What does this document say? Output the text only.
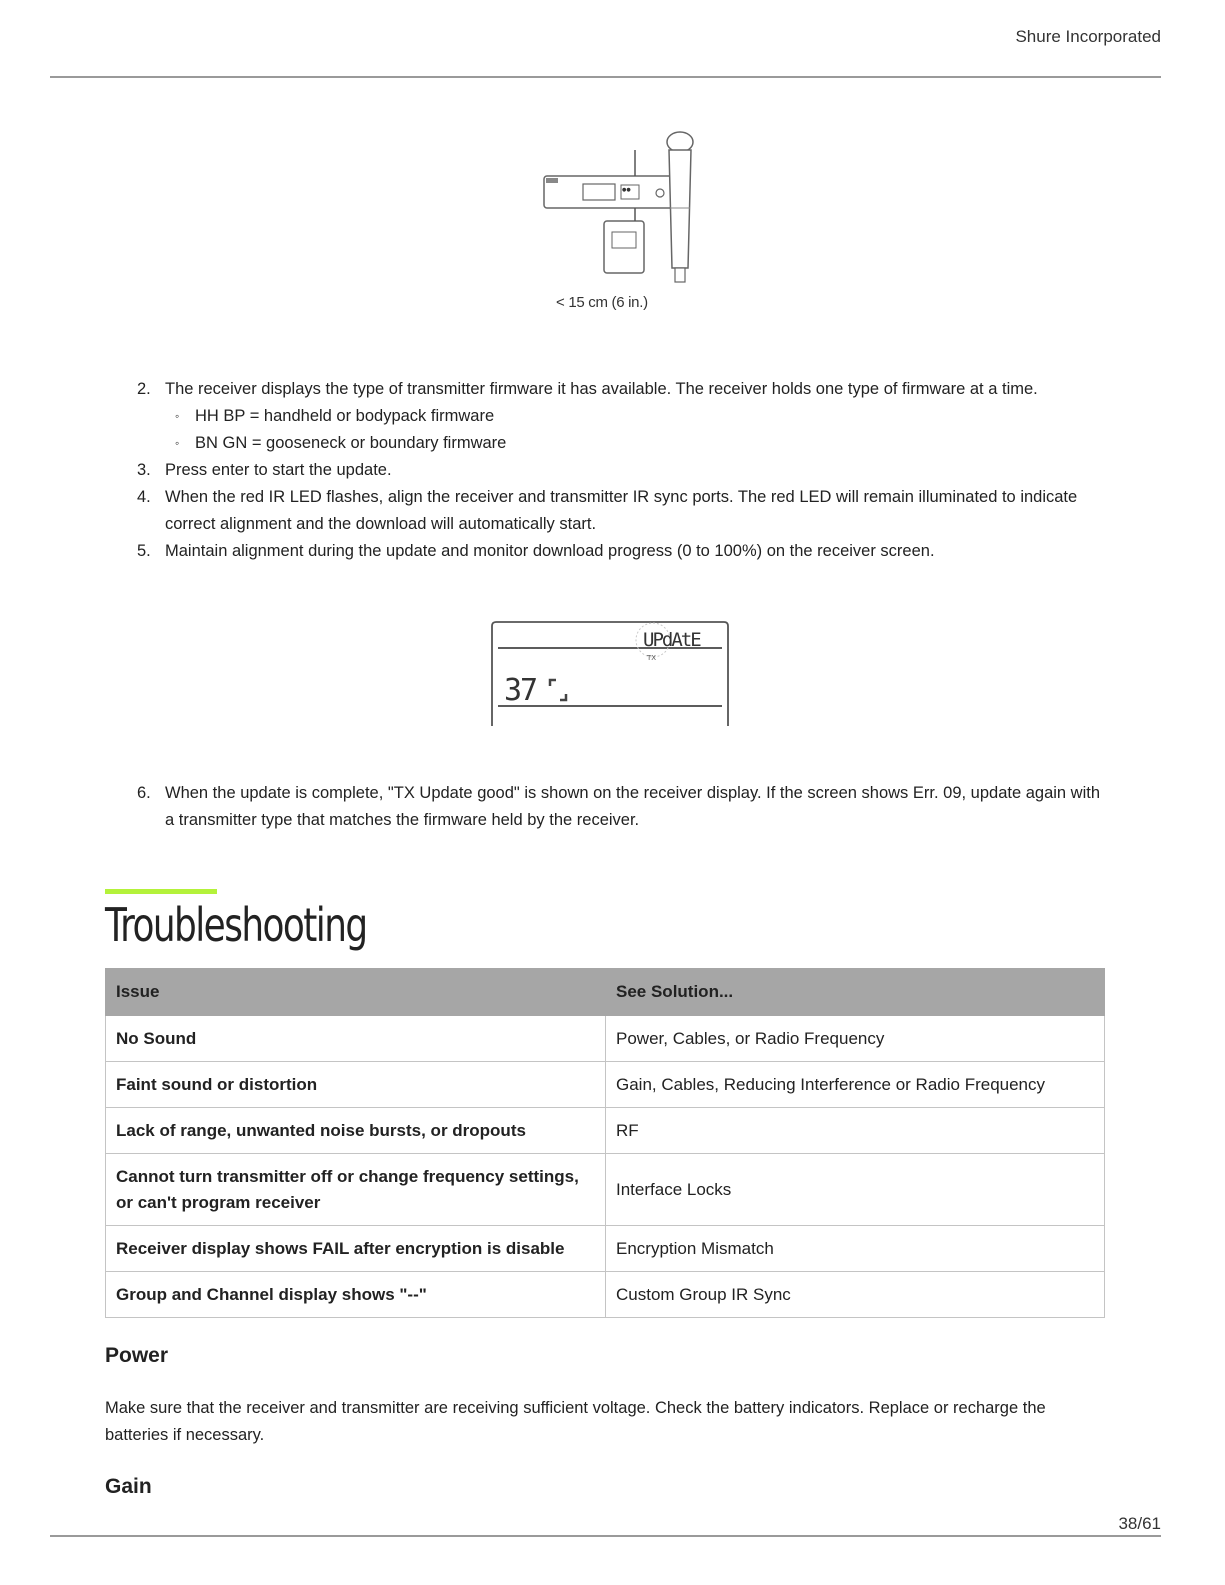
Shure Incorporated
●●
< 15 cm (6 in.)
2. The receiver displays the type of transmitter firmware it has available. The receiver holds one type of firmware at a time.
◦ HH BP = handheld or bodypack firmware
◦ BN GN = gooseneck or boundary firmware
3. Press enter to start the update.
4. When the red IR LED flashes, align the receiver and transmitter IR sync ports. The red LED will remain illuminated to indicate correct alignment and the download will automatically start.
5. Maintain alignment during the update and monitor download progress (0 to 100%) on the receiver screen.
UPdAtE
TX
37
6. When the update is complete, "TX Update good" is shown on the receiver display. If the screen shows Err. 09, update again with a transmitter type that matches the firmware held by the receiver.
Troubleshooting
Issue	See Solution...
No Sound	Power, Cables, or Radio Frequency
Faint sound or distortion	Gain, Cables, Reducing Interference or Radio Frequency
Lack of range, unwanted noise bursts, or dropouts	RF
Cannot turn transmitter off or change frequency settings, or can't program receiver	Interface Locks
Receiver display shows FAIL after encryption is disable	Encryption Mismatch
Group and Channel display shows "--"	Custom Group IR Sync
Power

Make sure that the receiver and transmitter are receiving sufficient voltage. Check the battery indicators. Replace or recharge the batteries if necessary.

Gain
38/61
